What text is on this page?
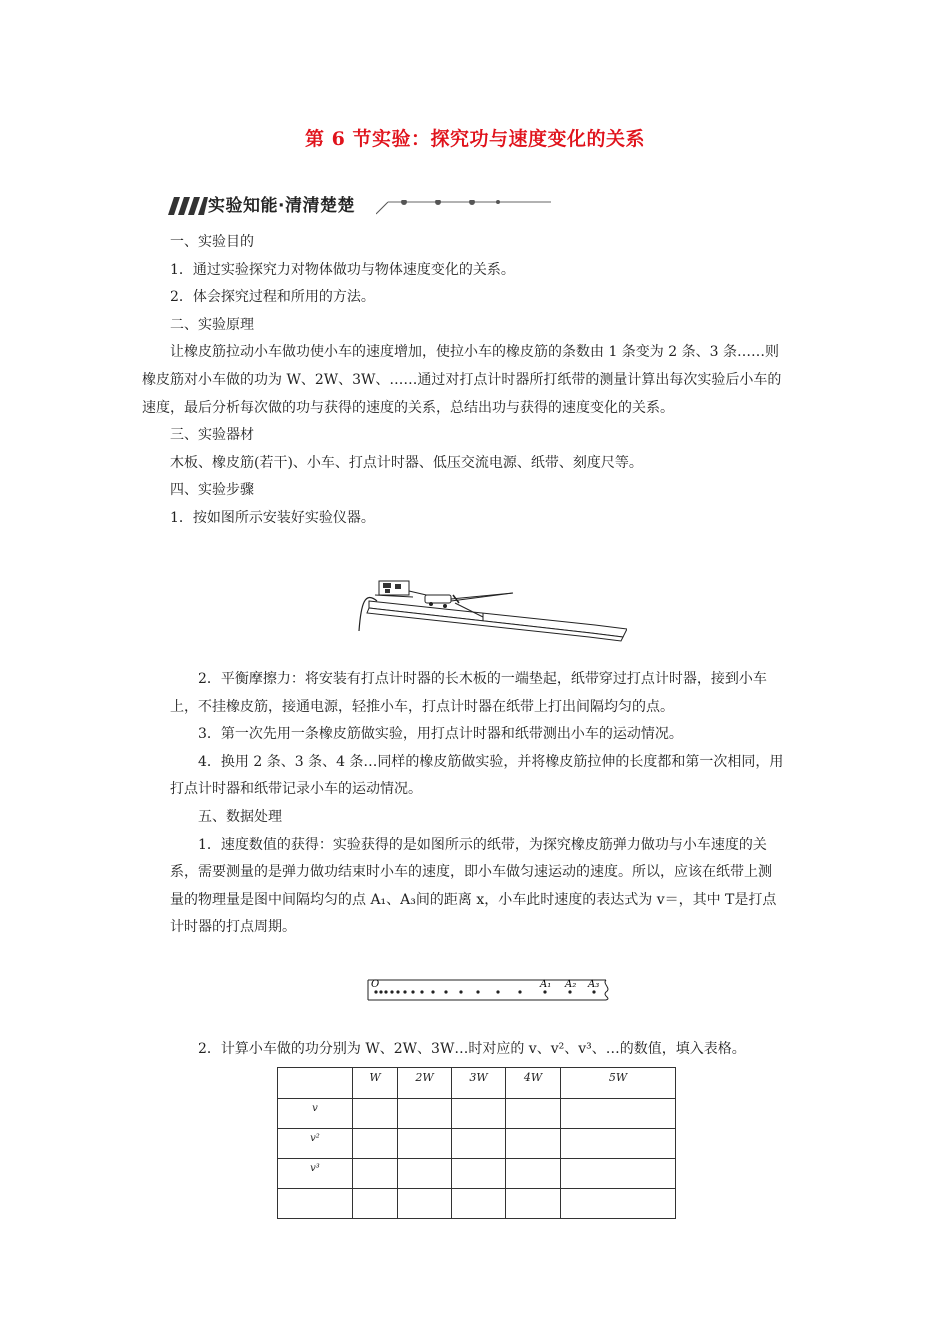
第 6 节实验：探究功与速度变化的关系
实验知能·清清楚楚

一、实验目的

1．通过实验探究力对物体做功与物体速度变化的关系。

2．体会探究过程和所用的方法。

二、实验原理

让橡皮筋拉动小车做功使小车的速度增加，使拉小车的橡皮筋的条数由 1 条变为 2 条、3 条……则橡皮筋对小车做的功为 W、2W、3W、……通过对打点计时器所打纸带的测量计算出每次实验后小车的速度，最后分析每次做的功与获得的速度的关系，总结出功与获得的速度变化的关系。

三、实验器材

木板、橡皮筋(若干)、小车、打点计时器、低压交流电源、纸带、刻度尺等。

四、实验步骤

1．按如图所示安装好实验仪器。

2．平衡摩擦力：将安装有打点计时器的长木板的一端垫起，纸带穿过打点计时器，接到小车上，不挂橡皮筋，接通电源，轻推小车，打点计时器在纸带上打出间隔均匀的点。

3．第一次先用一条橡皮筋做实验，用打点计时器和纸带测出小车的运动情况。

4．换用 2 条、3 条、4 条…同样的橡皮筋做实验，并将橡皮筋拉伸的长度都和第一次相同，用打点计时器和纸带记录小车的运动情况。

五、数据处理

1．速度数值的获得：实验获得的是如图所示的纸带，为探究橡皮筋弹力做功与小车速度的关系，需要测量的是弹力做功结束时小车的速度，即小车做匀速运动的速度。所以，应该在纸带上测量的物理量是图中间隔均匀的点 A₁、A₃间的距离 x，小车此时速度的表达式为 v＝，其中 T是打点计时器的打点周期。

O	A₁ A₂ A₃

2．计算小车做的功分别为 W、2W、3W…时对应的 v、v²、v³、…的数值，填入表格。

	W	2W	3W	4W	5W
v					
v²					
v³					
